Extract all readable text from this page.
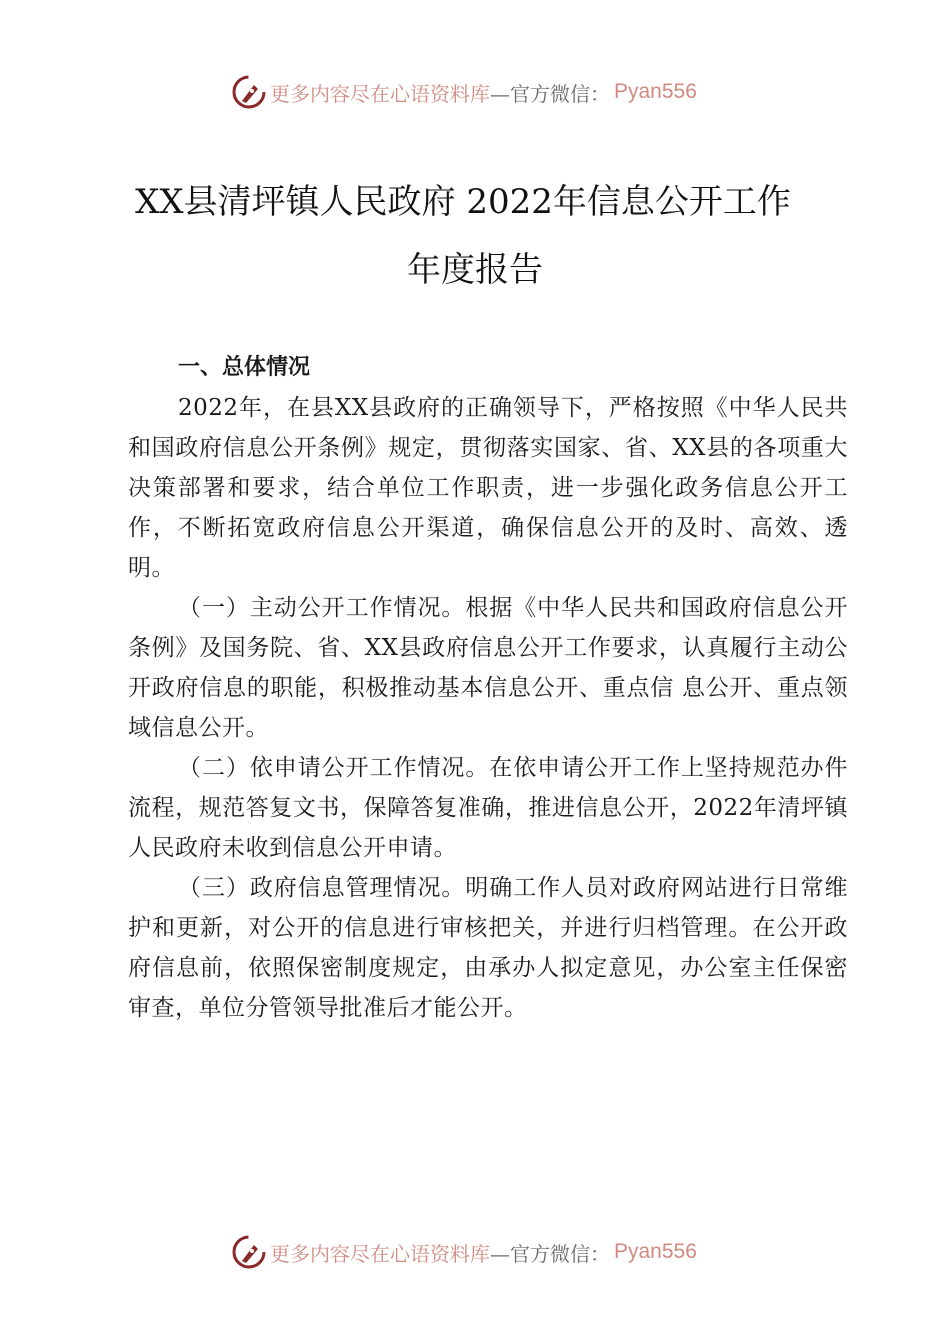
更多内容尽在心语资料库 —官方微信： Pyan556
XX县清坪镇人民政府 2022年信息公开工作
年度报告
一、总体情况

2022年，在县XX县政府的正确领导下，严格按照《中华人民共和国政府信息公开条例》规定，贯彻落实国家、省、XX县的各项重大决策部署和要求，结合单位工作职责，进一步强化政务信息公开工作，不断拓宽政府信息公开渠道，确保信息公开的及时、高效、透明。

（一）主动公开工作情况。根据《中华人民共和国政府信息公开条例》及国务院、省、XX县政府信息公开工作要求，认真履行主动公开政府信息的职能，积极推动基本信息公开、重点信 息公开、重点领域信息公开。

（二）依申请公开工作情况。在依申请公开工作上坚持规范办件流程，规范答复文书，保障答复准确，推进信息公开，2022年清坪镇人民政府未收到信息公开申请。

（三）政府信息管理情况。明确工作人员对政府网站进行日常维护和更新，对公开的信息进行审核把关，并进行归档管理。在公开政府信息前，依照保密制度规定，由承办人拟定意见，办公室主任保密审查，单位分管领导批准后才能公开。

更多内容尽在心语资料库 —官方微信： Pyan556
